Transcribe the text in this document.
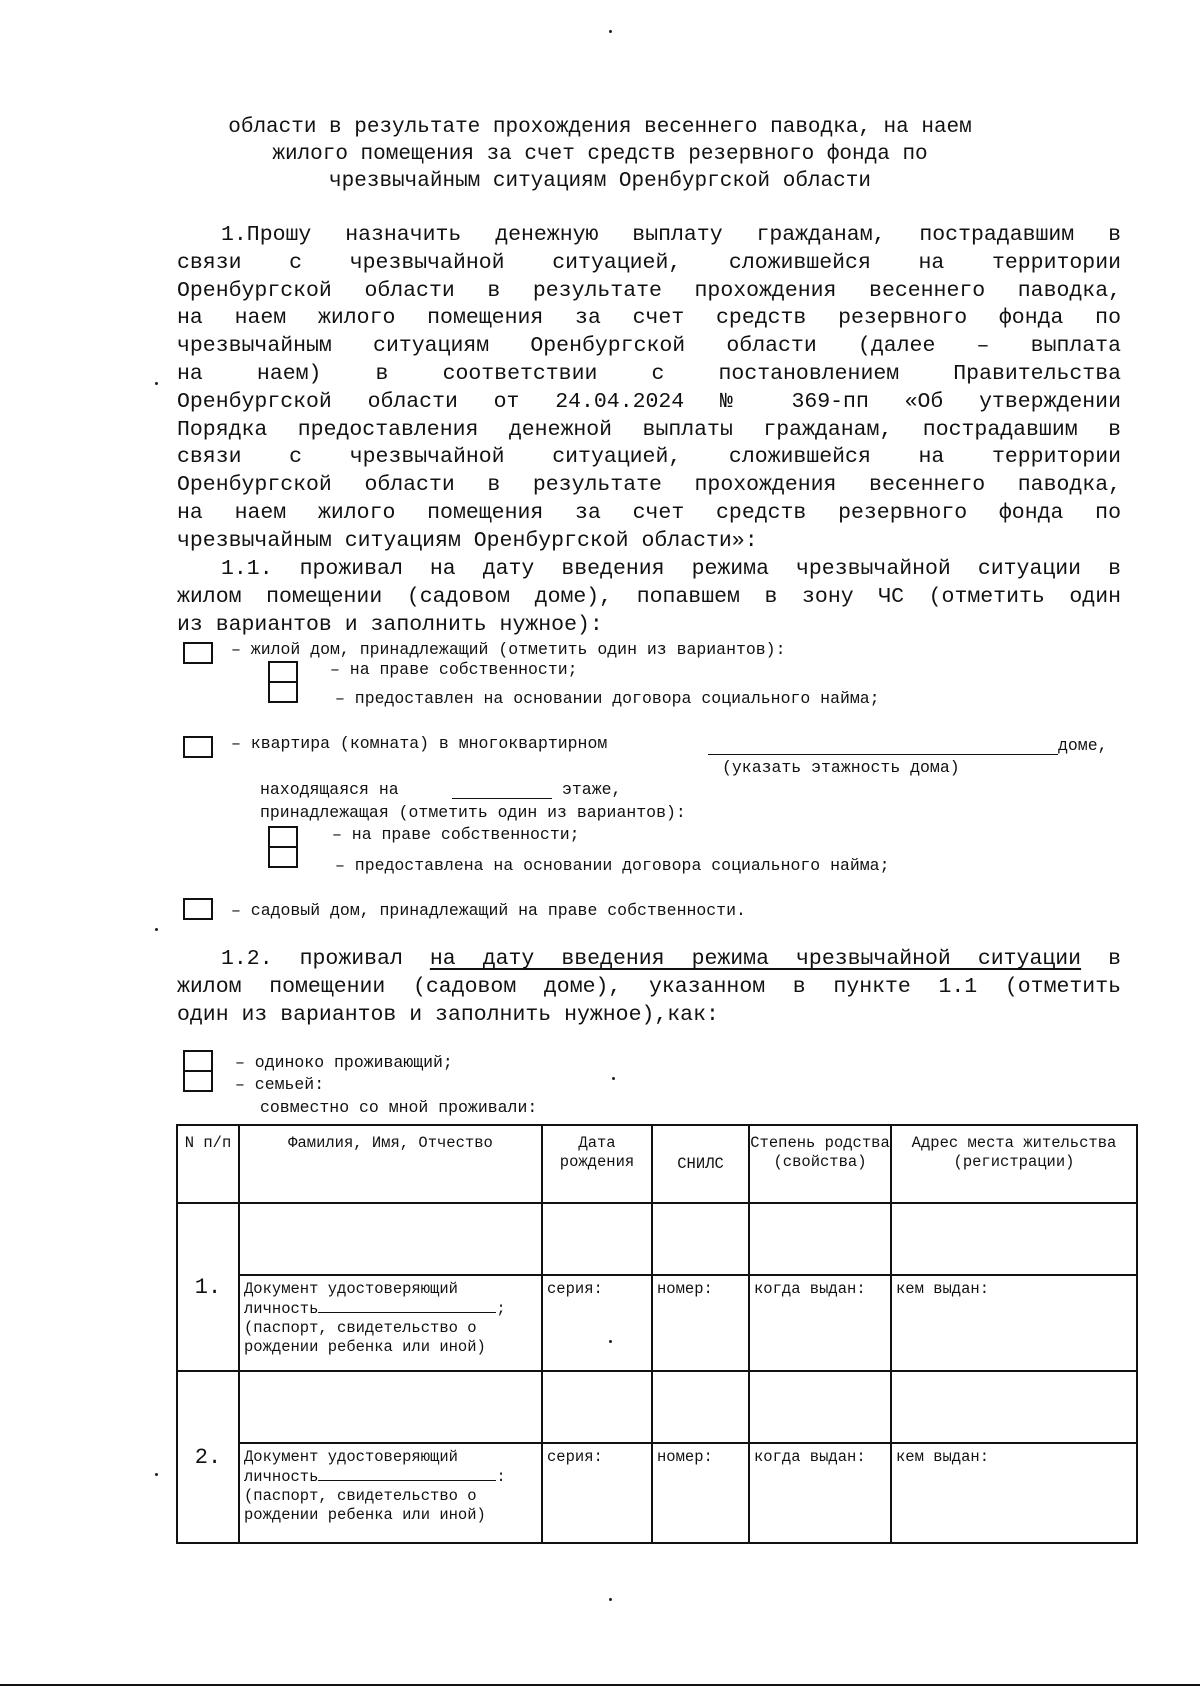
области в результате прохождения весеннего паводка, на наем
жилого помещения за счет средств резервного фонда по
чрезвычайным ситуациям Оренбургской области
1.Прошу назначить денежную выплату гражданам, пострадавшим в
связи с чрезвычайной ситуацией, сложившейся на территории
Оренбургской области в результате прохождения весеннего паводка,
на наем жилого помещения за счет средств резервного фонда по
чрезвычайным ситуациям Оренбургской области (далее – выплата
на наем) в соответствии с постановлением Правительства
Оренбургской области от 24.04.2024 № 369-пп «Об утверждении
Порядка предоставления денежной выплаты гражданам, пострадавшим в
связи с чрезвычайной ситуацией, сложившейся на территории
Оренбургской области в результате прохождения весеннего паводка,
на наем жилого помещения за счет средств резервного фонда по
чрезвычайным ситуациям Оренбургской области»:
1.1. проживал на дату введения режима чрезвычайной ситуации в
жилом помещении (садовом доме), попавшем в зону ЧС (отметить один
из вариантов и заполнить нужное):
– жилой дом, принадлежащий (отметить один из вариантов):
– на праве собственности;
– предоставлен на основании договора социального найма;
– квартира (комната) в многоквартирном	доме,
(указать этажность дома)
находящаяся на	этаже,
принадлежащая (отметить один из вариантов):
– на праве собственности;
– предоставлена на основании договора социального найма;
– садовый дом, принадлежащий на праве собственности.
1.2. проживал на дату введения режима чрезвычайной ситуации в
жилом помещении (садовом доме), указанном в пункте 1.1 (отметить
один из вариантов и заполнить нужное),как:
– одиноко проживающий;
– семьей:
совместно со мной проживали:
N п/п	Фамилия, Имя, Отчество	Дата рождения	СНИЛС	Степень родства (свойства)	Адрес места жительства (регистрации)
1.					

	Документ удостоверяющий
личность ;
(паспорт, свидетельство о
рождении ребенка или иной)	серия:	номер:	когда выдан:	кем выдан:
2.					

	Документ удостоверяющий
личность :
(паспорт, свидетельство о
рождении ребенка или иной)	серия:	номер:	когда выдан:	кем выдан:
